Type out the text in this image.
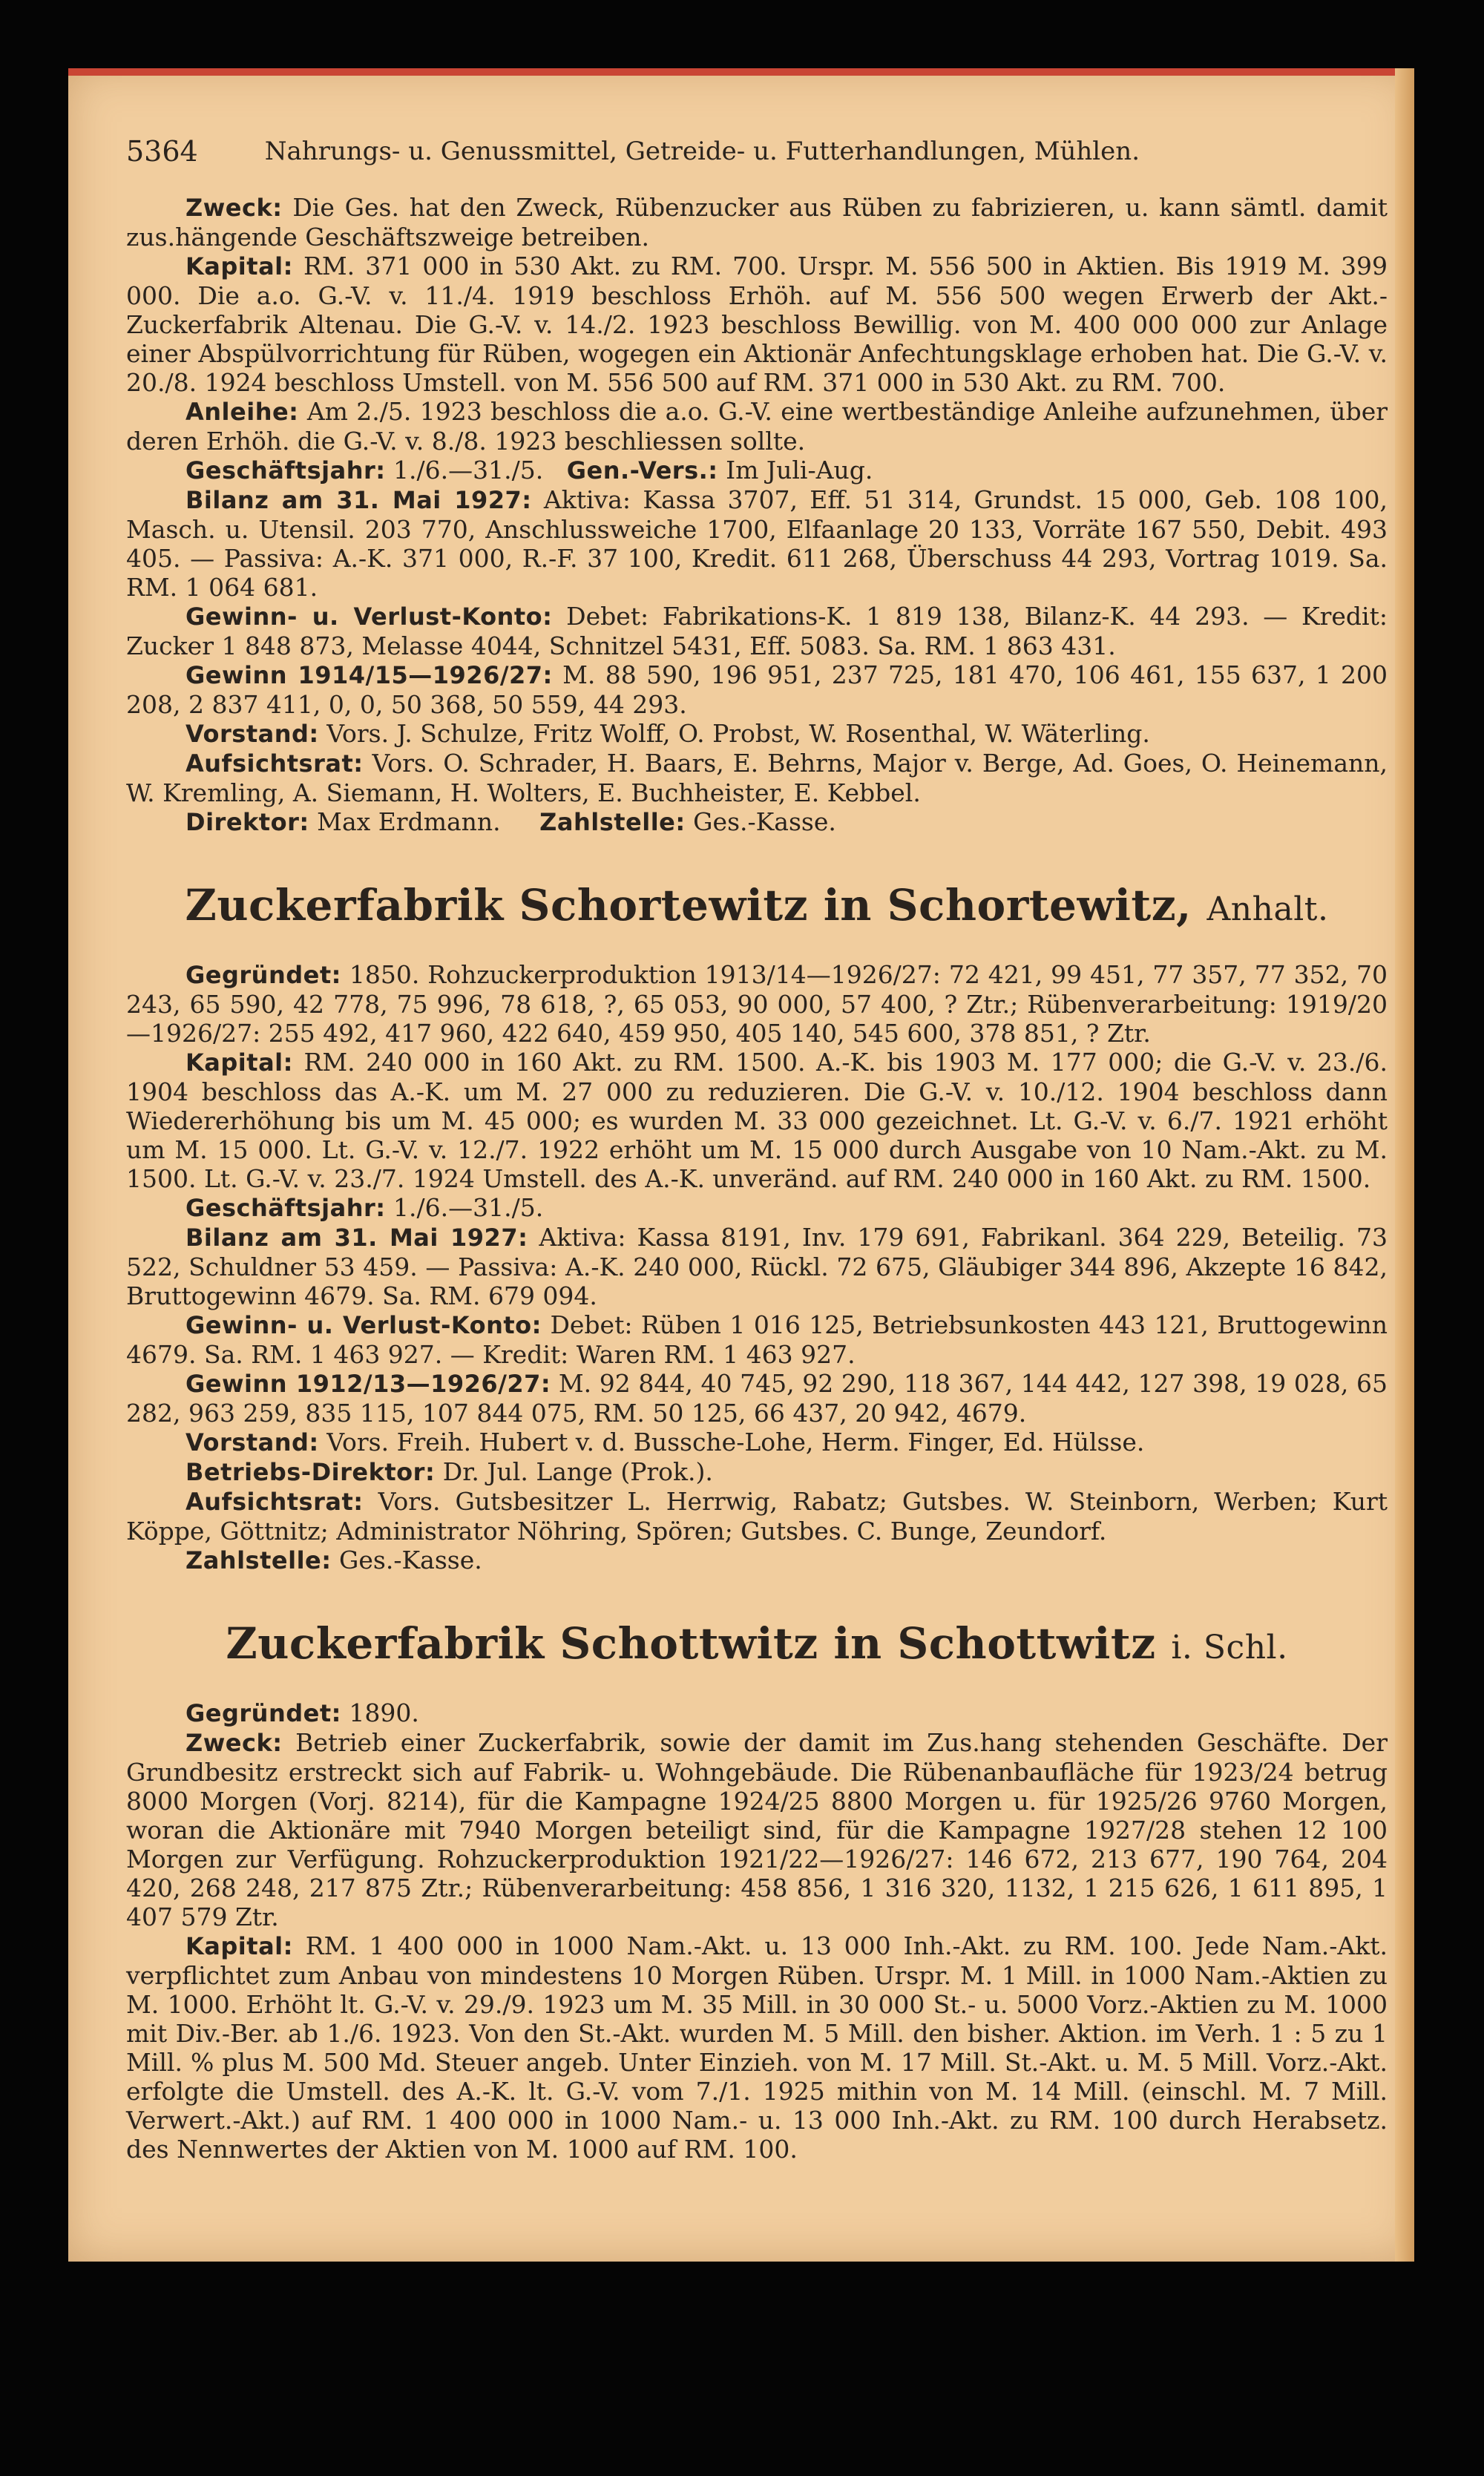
5364	Nahrungs- u. Genussmittel, Getreide- u. Futterhandlungen, Mühlen.

Zweck: Die Ges. hat den Zweck, Rübenzucker aus Rüben zu fabrizieren, u. kann sämtl. damit zus.hängende Geschäftszweige betreiben.

Kapital: RM. 371 000 in 530 Akt. zu RM. 700. Urspr. M. 556 500 in Aktien. Bis 1919 M. 399 000. Die a.o. G.-V. v. 11./4. 1919 beschloss Erhöh. auf M. 556 500 wegen Erwerb der Akt.-Zuckerfabrik Altenau. Die G.-V. v. 14./2. 1923 beschloss Bewillig. von M. 400 000 000 zur Anlage einer Abspülvorrichtung für Rüben, wogegen ein Aktionär Anfechtungsklage erhoben hat. Die G.-V. v. 20./8. 1924 beschloss Umstell. von M. 556 500 auf RM. 371 000 in 530 Akt. zu RM. 700.

Anleihe: Am 2./5. 1923 beschloss die a.o. G.-V. eine wertbeständige Anleihe aufzunehmen, über deren Erhöh. die G.-V. v. 8./8. 1923 beschliessen sollte.

Geschäftsjahr: 1./6.—31./5. Gen.-Vers.: Im Juli-Aug.

Bilanz am 31. Mai 1927: Aktiva: Kassa 3707, Eff. 51 314, Grundst. 15 000, Geb. 108 100, Masch. u. Utensil. 203 770, Anschlussweiche 1700, Elfaanlage 20 133, Vorräte 167 550, Debit. 493 405. — Passiva: A.-K. 371 000, R.-F. 37 100, Kredit. 611 268, Überschuss 44 293, Vortrag 1019. Sa. RM. 1 064 681.

Gewinn- u. Verlust-Konto: Debet: Fabrikations-K. 1 819 138, Bilanz-K. 44 293. — Kredit: Zucker 1 848 873, Melasse 4044, Schnitzel 5431, Eff. 5083. Sa. RM. 1 863 431.

Gewinn 1914/15—1926/27: M. 88 590, 196 951, 237 725, 181 470, 106 461, 155 637, 1 200 208, 2 837 411, 0, 0, 50 368, 50 559, 44 293.

Vorstand: Vors. J. Schulze, Fritz Wolff, O. Probst, W. Rosenthal, W. Wäterling.

Aufsichtsrat: Vors. O. Schrader, H. Baars, E. Behrns, Major v. Berge, Ad. Goes, O. Heinemann, W. Kremling, A. Siemann, H. Wolters, E. Buchheister, E. Kebbel.

Direktor: Max Erdmann. Zahlstelle: Ges.-Kasse.

Zuckerfabrik Schortewitz in Schortewitz, Anhalt.

Gegründet: 1850. Rohzuckerproduktion 1913/14—1926/27: 72 421, 99 451, 77 357, 77 352, 70 243, 65 590, 42 778, 75 996, 78 618, ?, 65 053, 90 000, 57 400, ? Ztr.; Rübenverarbeitung: 1919/20—1926/27: 255 492, 417 960, 422 640, 459 950, 405 140, 545 600, 378 851, ? Ztr.

Kapital: RM. 240 000 in 160 Akt. zu RM. 1500. A.-K. bis 1903 M. 177 000; die G.-V. v. 23./6. 1904 beschloss das A.-K. um M. 27 000 zu reduzieren. Die G.-V. v. 10./12. 1904 beschloss dann Wiedererhöhung bis um M. 45 000; es wurden M. 33 000 gezeichnet. Lt. G.-V. v. 6./7. 1921 erhöht um M. 15 000. Lt. G.-V. v. 12./7. 1922 erhöht um M. 15 000 durch Ausgabe von 10 Nam.-Akt. zu M. 1500. Lt. G.-V. v. 23./7. 1924 Umstell. des A.-K. unveränd. auf RM. 240 000 in 160 Akt. zu RM. 1500.

Geschäftsjahr: 1./6.—31./5.

Bilanz am 31. Mai 1927: Aktiva: Kassa 8191, Inv. 179 691, Fabrikanl. 364 229, Beteilig. 73 522, Schuldner 53 459. — Passiva: A.-K. 240 000, Rückl. 72 675, Gläubiger 344 896, Akzepte 16 842, Bruttogewinn 4679. Sa. RM. 679 094.

Gewinn- u. Verlust-Konto: Debet: Rüben 1 016 125, Betriebsunkosten 443 121, Bruttogewinn 4679. Sa. RM. 1 463 927. — Kredit: Waren RM. 1 463 927.

Gewinn 1912/13—1926/27: M. 92 844, 40 745, 92 290, 118 367, 144 442, 127 398, 19 028, 65 282, 963 259, 835 115, 107 844 075, RM. 50 125, 66 437, 20 942, 4679.

Vorstand: Vors. Freih. Hubert v. d. Bussche-Lohe, Herm. Finger, Ed. Hülsse.

Betriebs-Direktor: Dr. Jul. Lange (Prok.).

Aufsichtsrat: Vors. Gutsbesitzer L. Herrwig, Rabatz; Gutsbes. W. Steinborn, Werben; Kurt Köppe, Göttnitz; Administrator Nöhring, Spören; Gutsbes. C. Bunge, Zeundorf.

Zahlstelle: Ges.-Kasse.

Zuckerfabrik Schottwitz in Schottwitz i. Schl.

Gegründet: 1890.

Zweck: Betrieb einer Zuckerfabrik, sowie der damit im Zus.hang stehenden Geschäfte. Der Grundbesitz erstreckt sich auf Fabrik- u. Wohngebäude. Die Rübenanbaufläche für 1923/24 betrug 8000 Morgen (Vorj. 8214), für die Kampagne 1924/25 8800 Morgen u. für 1925/26 9760 Morgen, woran die Aktionäre mit 7940 Morgen beteiligt sind, für die Kampagne 1927/28 stehen 12 100 Morgen zur Verfügung. Rohzuckerproduktion 1921/22—1926/27: 146 672, 213 677, 190 764, 204 420, 268 248, 217 875 Ztr.; Rübenverarbeitung: 458 856, 1 316 320, 1132, 1 215 626, 1 611 895, 1 407 579 Ztr.

Kapital: RM. 1 400 000 in 1000 Nam.-Akt. u. 13 000 Inh.-Akt. zu RM. 100. Jede Nam.-Akt. verpflichtet zum Anbau von mindestens 10 Morgen Rüben. Urspr. M. 1 Mill. in 1000 Nam.-Aktien zu M. 1000. Erhöht lt. G.-V. v. 29./9. 1923 um M. 35 Mill. in 30 000 St.- u. 5000 Vorz.-Aktien zu M. 1000 mit Div.-Ber. ab 1./6. 1923. Von den St.-Akt. wurden M. 5 Mill. den bisher. Aktion. im Verh. 1 : 5 zu 1 Mill. % plus M. 500 Md. Steuer angeb. Unter Einzieh. von M. 17 Mill. St.-Akt. u. M. 5 Mill. Vorz.-Akt. erfolgte die Umstell. des A.-K. lt. G.-V. vom 7./1. 1925 mithin von M. 14 Mill. (einschl. M. 7 Mill. Verwert.-Akt.) auf RM. 1 400 000 in 1000 Nam.- u. 13 000 Inh.-Akt. zu RM. 100 durch Herabsetz. des Nennwertes der Aktien von M. 1000 auf RM. 100.
